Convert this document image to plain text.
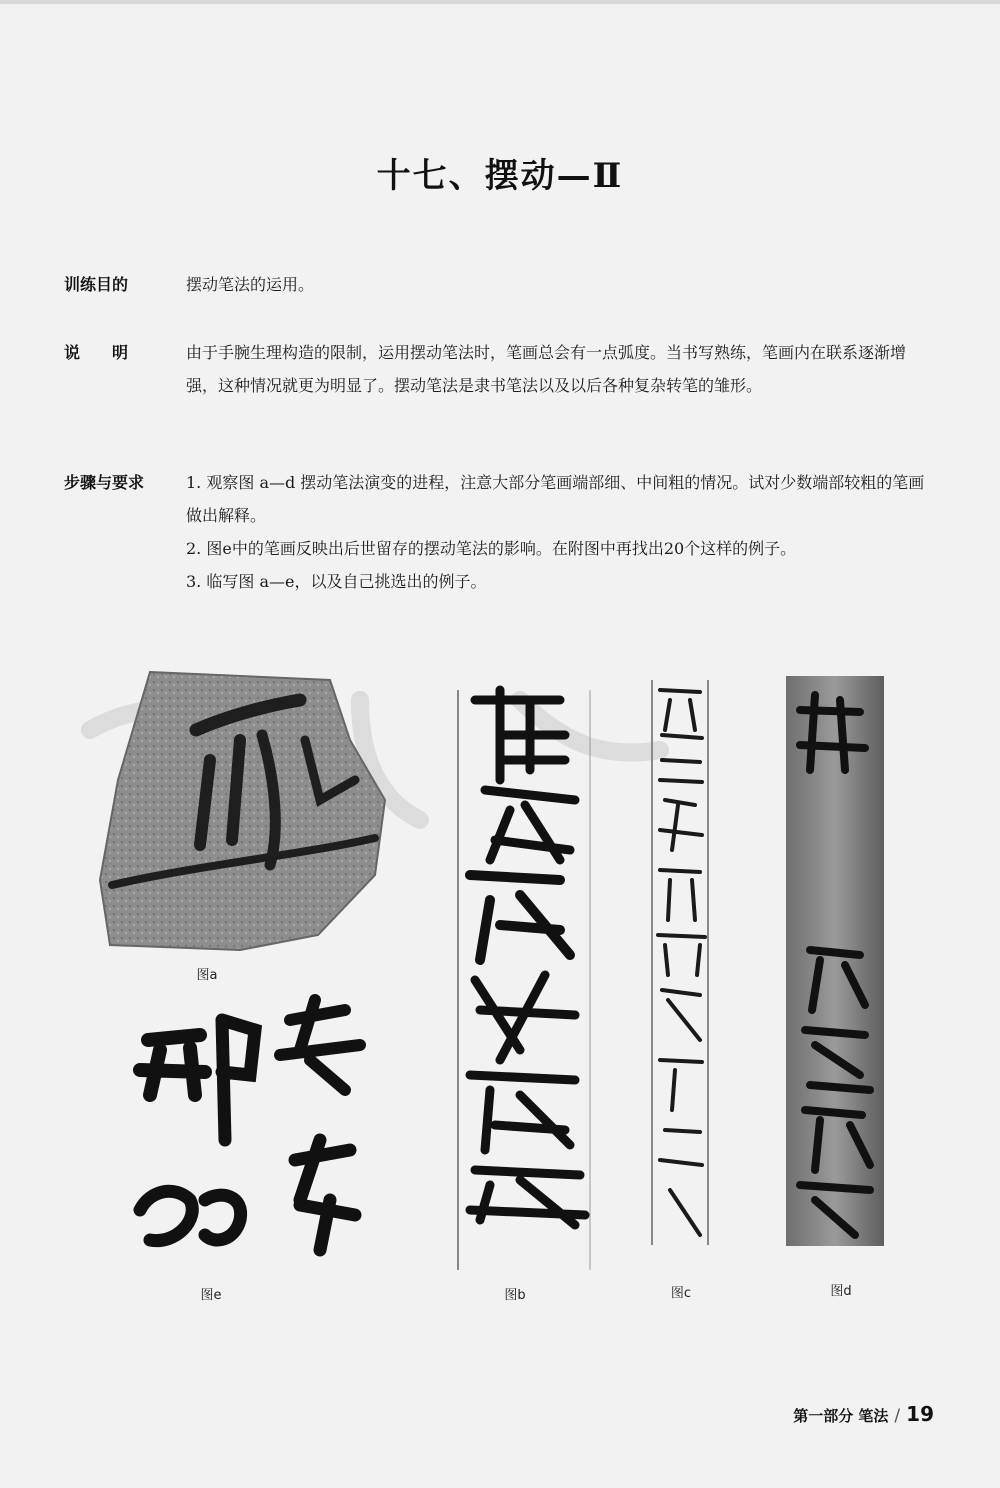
十七、摆动—Ⅱ
训练目的	摆动笔法的运用。
说　　明	由于手腕生理构造的限制，运用摆动笔法时，笔画总会有一点弧度。当书写熟练，笔画内在联系逐渐增强，这种情况就更为明显了。摆动笔法是隶书笔法以及以后各种复杂转笔的雏形。
步骤与要求	1. 观察图 a—d 摆动笔法演变的进程，注意大部分笔画端部细、中间粗的情况。试对少数端部较粗的笔画做出解释。

2. 图e中的笔画反映出后世留存的摆动笔法的影响。在附图中再找出20个这样的例子。

3. 临写图 a—e，以及自己挑选出的例子。

图a
图b	图c	图d
图e
第一部分 笔法 / 19
